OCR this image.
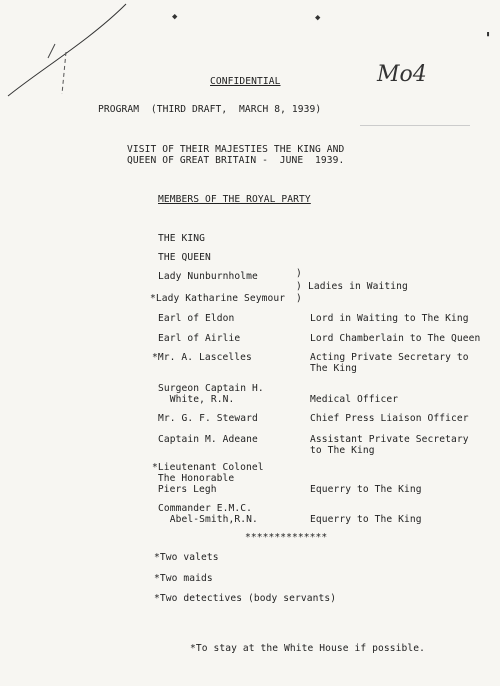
◆	◆
▮
Mo4
CONFIDENTIAL
PROGRAM  (THIRD DRAFT,  MARCH 8, 1939)
VISIT OF THEIR MAJESTIES THE KING AND
QUEEN OF GREAT BRITAIN -  JUNE  1939.
MEMBERS OF THE ROYAL PARTY
THE KING
THE QUEEN
Lady Nunburnholme	)
) Ladies in Waiting
*Lady Katharine Seymour )
Earl of Eldon	Lord in Waiting to The King
Earl of Airlie	Lord Chamberlain to The Queen
*Mr. A. Lascelles	Acting Private Secretary to
The King
Surgeon Captain H.
White, R.N.	Medical Officer
Mr. G. F. Steward	Chief Press Liaison Officer
Captain M. Adeane	Assistant Private Secretary
to The King
*Lieutenant Colonel
The Honorable
Piers Legh	Equerry to The King
Commander E.M.C.
Abel-Smith,R.N.	Equerry to The King
**************
*Two valets
*Two maids
*Two detectives (body servants)
*To stay at the White House if possible.
